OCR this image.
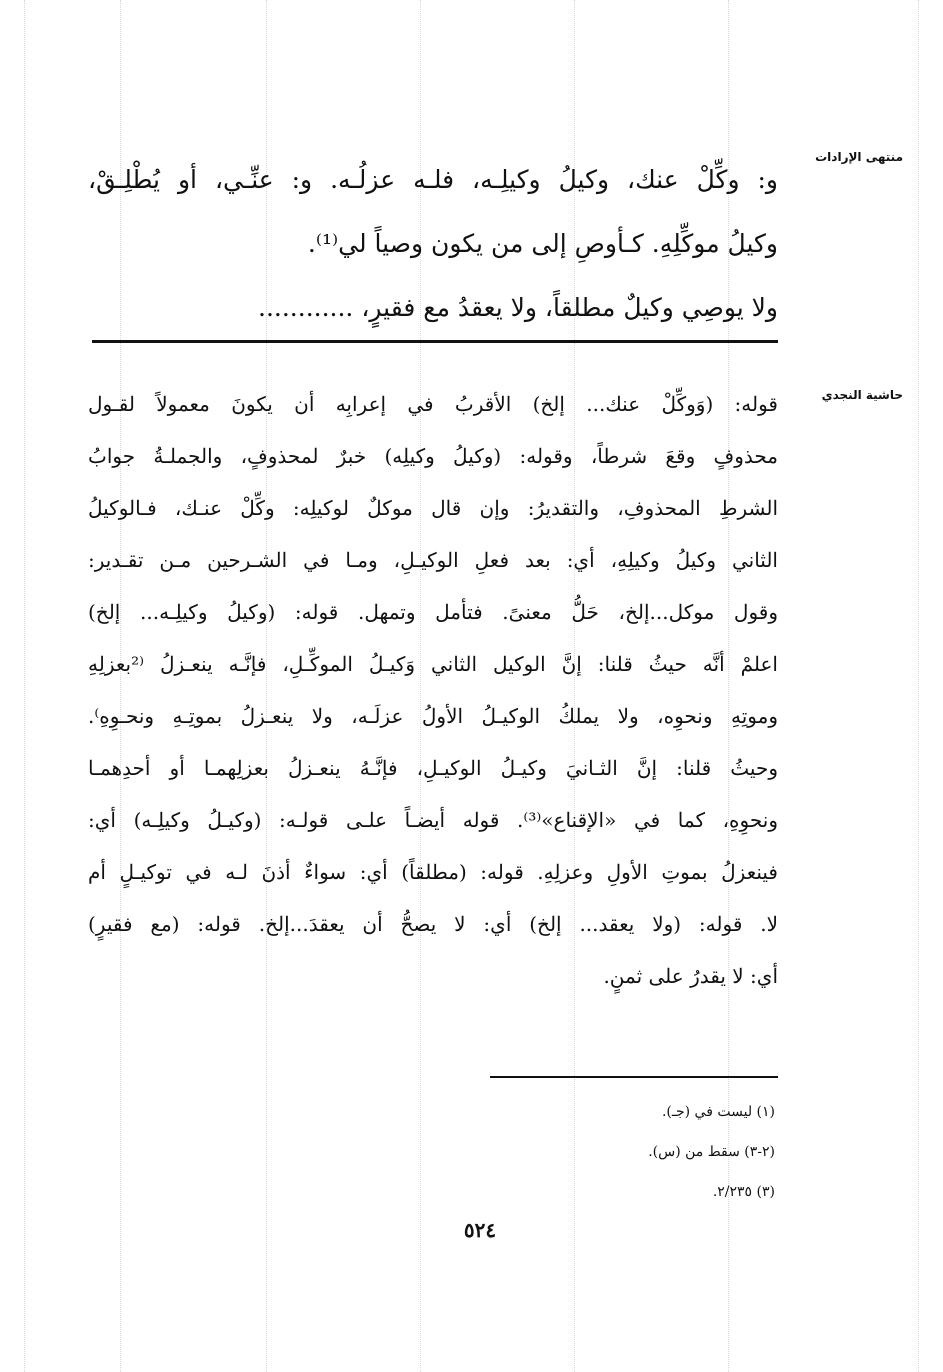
منتهى الإرادات
و: وكِّلْ عنك، وكيلُ وكيلِـه، فلـه عزلُـه. و: عنِّـي، أو يُطْلِـقْ،
وكيلُ موكِّلِهِ. كـأوصِ إلى من يكون وصياً لي⁽¹⁾.
ولا يوصِي وكيلٌ مطلقاً، ولا يعقدُ مع فقيرٍ، ............
حاشية النجدي
قوله: (وَوكِّلْ عنك... إلخ) الأقربُ في إعرابِه أن يكونَ معمولاً لقـول
محذوفٍ وقعَ شرطاً، وقوله: (وكيلُ وكيلِه) خبرٌ لمحذوفٍ، والجملـةُ جوابُ
الشرطِ المحذوفِ، والتقديرُ: وإن قال موكلٌ لوكيلِه: وكِّلْ عنـك، فـالوكيلُ
الثاني وكيلُ وكيلِهِ، أي: بعد فعلِ الوكيـلِ، ومـا في الشـرحين مـن تقـدير:
وقول موكل...إلخ، حَلُّ معنىً. فتأمل وتمهل. قوله: (وكيلُ وكيلِـه... إلخ)
اعلمْ أنَّه حيثُ قلنا: إنَّ الوكيل الثاني وَكيـلُ الموكِّـلِ، فإنَّـه ينعـزلُ ⁽²بعزلِهِ
وموتِهِ ونحوِه، ولا يملكُ الوكيـلُ الأولُ عزلَـه، ولا ينعـزلُ بموتِـهِ ونحـوِهِ⁾.
وحيثُ قلنا: إنَّ الثـانيَ وكيـلُ الوكيـلِ، فإنَّـهُ ينعـزلُ بعزلِهمـا أو أحدِهمـا
ونحوِهِ، كما في «الإقناع»⁽³⁾. قوله أيضـاً علـى قولـه: (وكيـلُ وكيلِـه) أي:
فينعزلُ بموتِ الأولِ وعزلِهِ. قوله: (مطلقاً) أي: سواءٌ أذنَ لـه في توكيـلٍ أم
لا. قوله: (ولا يعقد... إلخ) أي: لا يصحُّ أن يعقدَ...إلخ. قوله: (مع فقيرٍ)
أي: لا يقدرُ على ثمنٍ.
(١) ليست في (جـ).
(٢-٣) سقط من (س).
(٣) ٢/٢٣٥.
٥٢٤
